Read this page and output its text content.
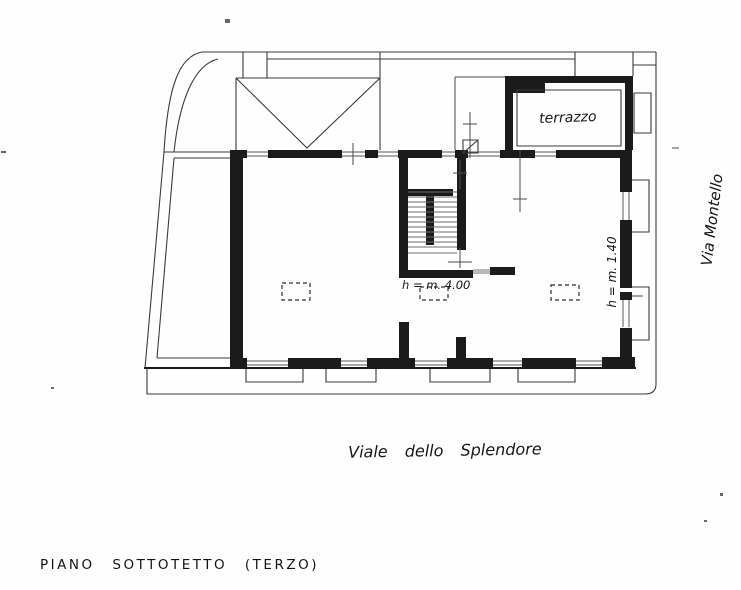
terrazzo
h = m. 4.00	h = m. 1.40
Via Montello
Viale dello Splendore
PIANO SOTTOTETTO (TERZO)
